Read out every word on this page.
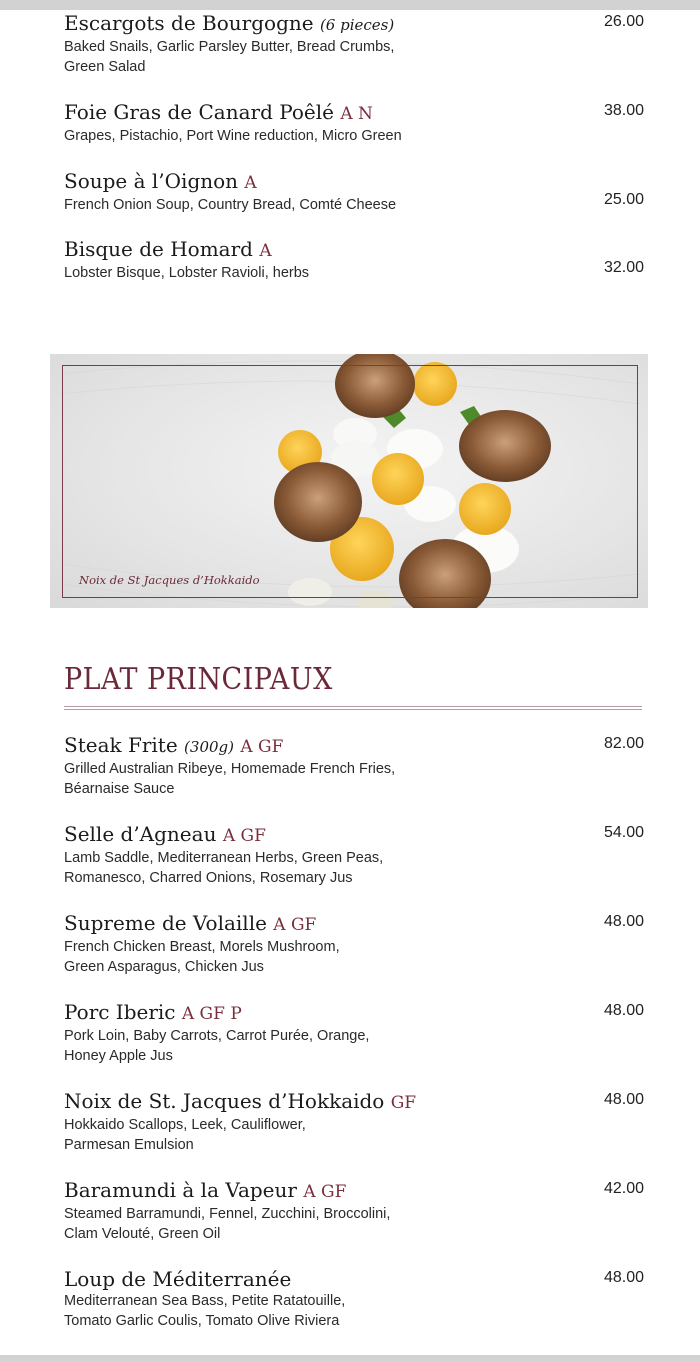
Escargots de Bourgogne (6 pieces)
Baked Snails, Garlic Parsley Butter, Bread Crumbs,
Green Salad
26.00
Foie Gras de Canard Poêlé A N
Grapes, Pistachio, Port Wine reduction, Micro Green
38.00
Soupe à l’Oignon A
French Onion Soup, Country Bread, Comté Cheese	25.00
Bisque de Homard A
Lobster Bisque, Lobster Ravioli, herbs	32.00
Noix de St Jacques d’Hokkaido
PLAT PRINCIPAUX
Steak Frite (300g) A GF
Grilled Australian Ribeye, Homemade French Fries,
Béarnaise Sauce
82.00
Selle d’Agneau A GF
Lamb Saddle, Mediterranean Herbs, Green Peas,
Romanesco, Charred Onions, Rosemary Jus
54.00
Supreme de Volaille A GF
French Chicken Breast, Morels Mushroom,
Green Asparagus, Chicken Jus
48.00
Porc Iberic A GF P
Pork Loin, Baby Carrots, Carrot Purée, Orange,
Honey Apple Jus
48.00
Noix de St. Jacques d’Hokkaido GF
Hokkaido Scallops, Leek, Cauliflower,
Parmesan Emulsion
48.00
Baramundi à la Vapeur A GF
Steamed Barramundi, Fennel, Zucchini, Broccolini,
Clam Velouté, Green Oil
42.00
Loup de Méditerranée
Mediterranean Sea Bass, Petite Ratatouille,
Tomato Garlic Coulis, Tomato Olive Riviera
48.00
